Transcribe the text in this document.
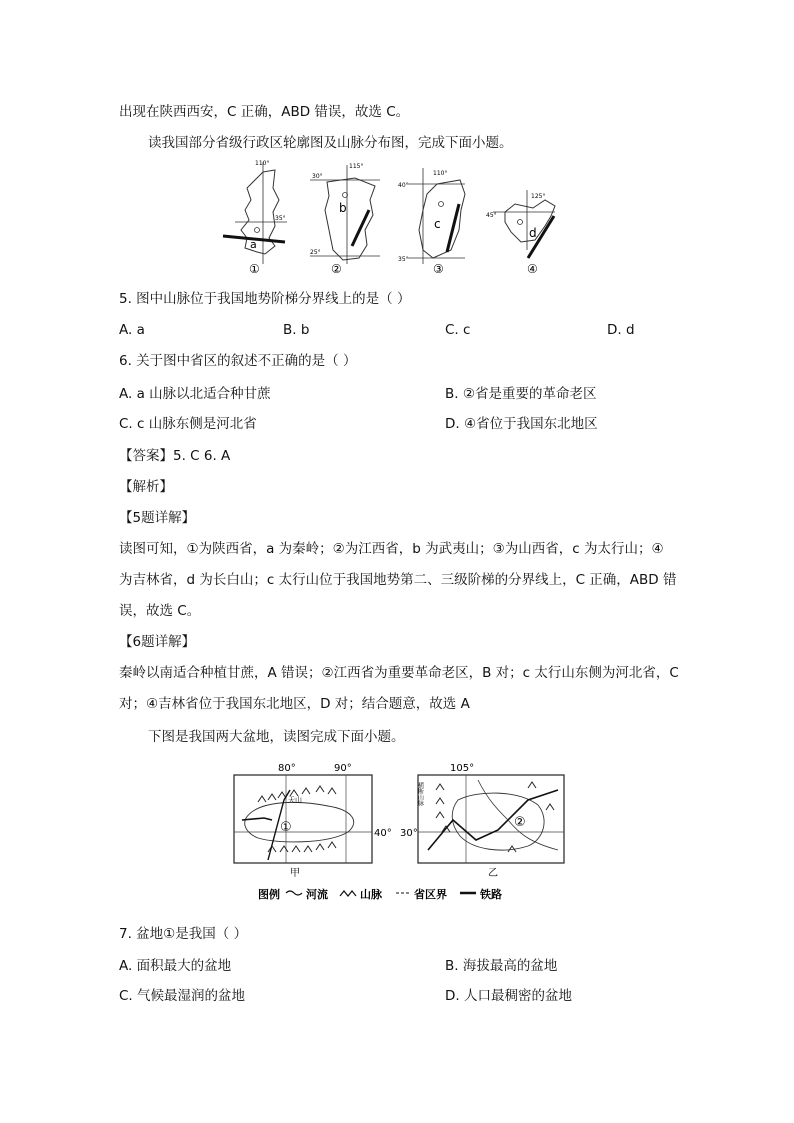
出现在陕西西安，C 正确，ABD 错误，故选 C。
读我国部分省级行政区轮廓图及山脉分布图，完成下面小题。
110°
35°
a
①
115°
30°
25°
b
②
110°
40°
35°
c
③
125°
45°
d
④
5. 图中山脉位于我国地势阶梯分界线上的是（ ）
A. a	B. b	C. c	D. d
6. 关于图中省区的叙述不正确的是（ ）
A. a 山脉以北适合种甘蔗	B. ②省是重要的革命老区
C. c 山脉东侧是河北省	D. ④省位于我国东北地区
【答案】5. C 6. A
【解析】
【5题详解】
读图可知，①为陕西省，a 为秦岭；②为江西省，b 为武夷山；③为山西省，c 为太行山；④
为吉林省，d 为长白山；c 太行山位于我国地势第二、三级阶梯的分界线上，C 正确，ABD 错
误，故选 C。
【6题详解】
秦岭以南适合种植甘蔗，A 错误；②江西省为重要革命老区，B 对；c 太行山东侧为河北省，C
对；④吉林省位于我国东北地区，D 对；结合题意，故选 A
下图是我国两大盆地，读图完成下面小题。
80°	90°
40°
①
天山
甲
105°
30°
②
横断山脉
乙
图例 河流	山脉	省区界	铁路
7. 盆地①是我国（ ）
A. 面积最大的盆地	B. 海拔最高的盆地
C. 气候最湿润的盆地	D. 人口最稠密的盆地
